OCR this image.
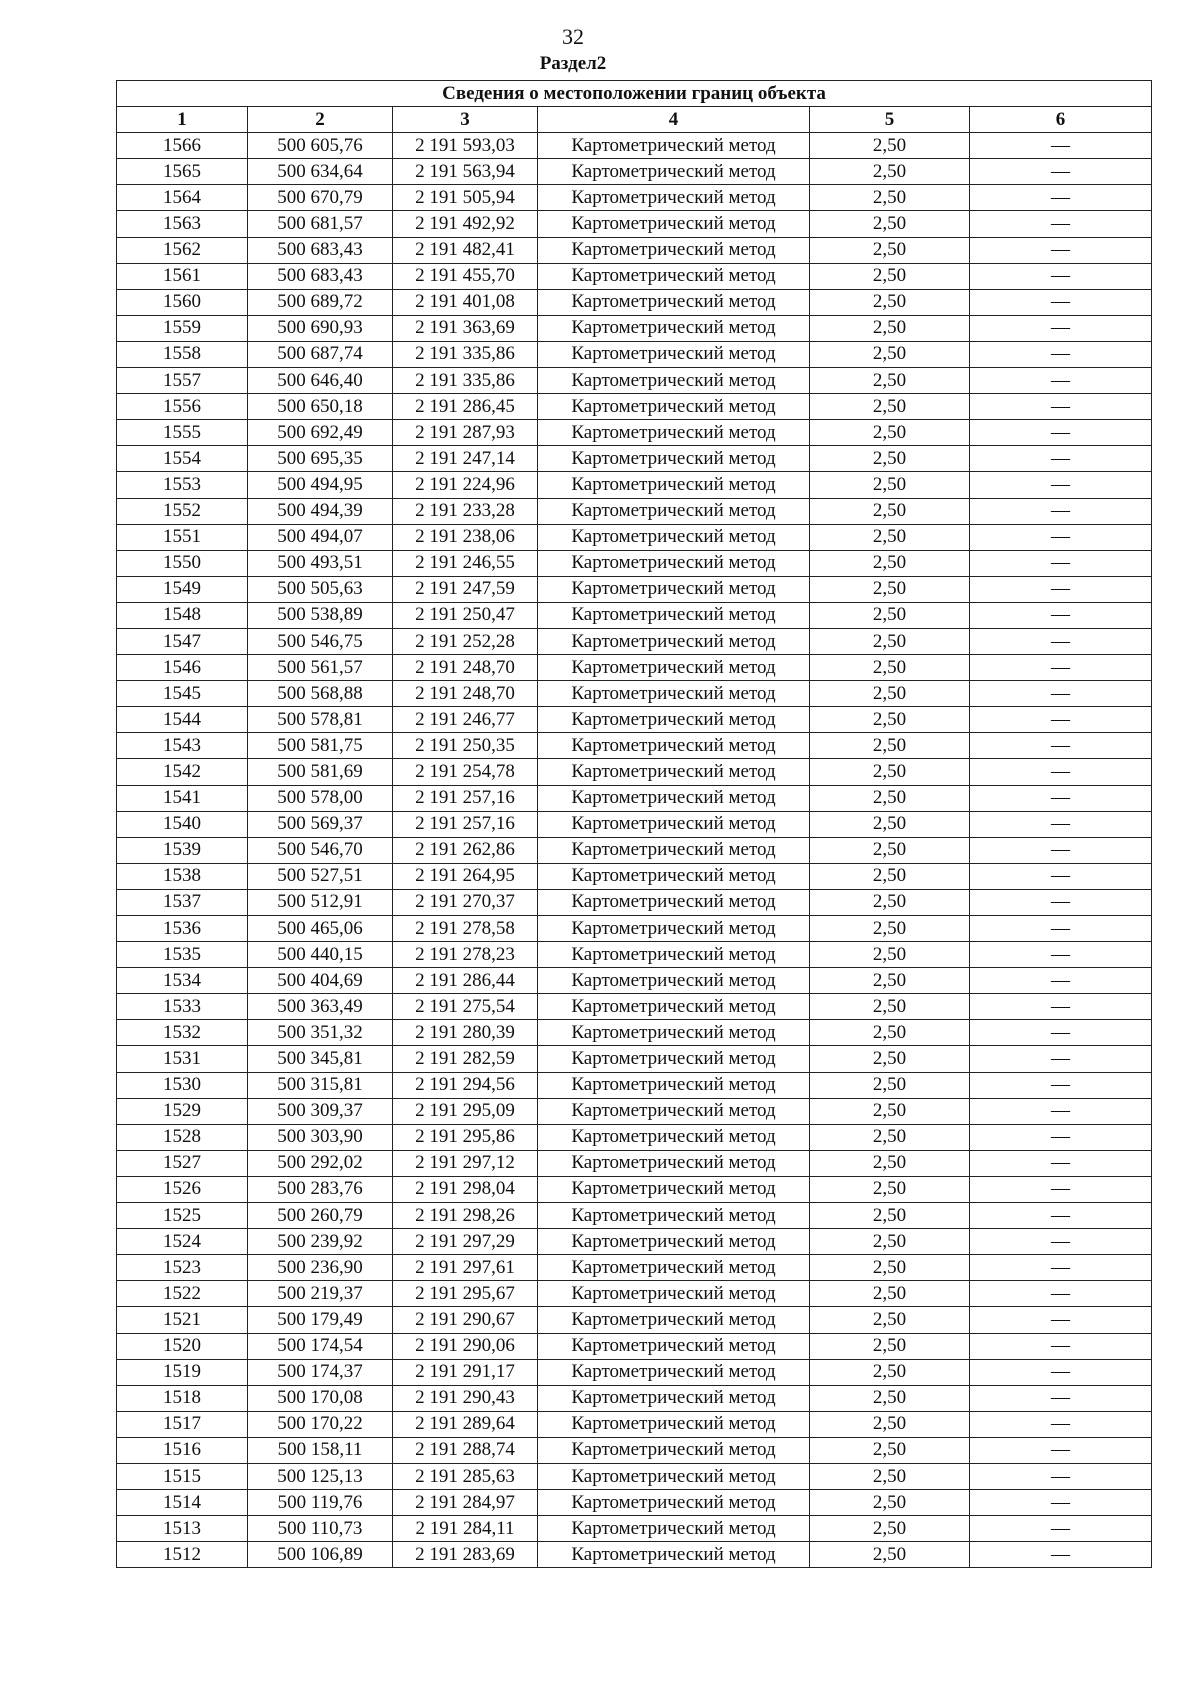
32
Раздел2
Сведения о местоположении границ объекта					
1	2	3	4	5	6
1566	500 605,76	2 191 593,03	Картометрический метод	2,50	—
1565	500 634,64	2 191 563,94	Картометрический метод	2,50	—
1564	500 670,79	2 191 505,94	Картометрический метод	2,50	—
1563	500 681,57	2 191 492,92	Картометрический метод	2,50	—
1562	500 683,43	2 191 482,41	Картометрический метод	2,50	—
1561	500 683,43	2 191 455,70	Картометрический метод	2,50	—
1560	500 689,72	2 191 401,08	Картометрический метод	2,50	—
1559	500 690,93	2 191 363,69	Картометрический метод	2,50	—
1558	500 687,74	2 191 335,86	Картометрический метод	2,50	—
1557	500 646,40	2 191 335,86	Картометрический метод	2,50	—
1556	500 650,18	2 191 286,45	Картометрический метод	2,50	—
1555	500 692,49	2 191 287,93	Картометрический метод	2,50	—
1554	500 695,35	2 191 247,14	Картометрический метод	2,50	—
1553	500 494,95	2 191 224,96	Картометрический метод	2,50	—
1552	500 494,39	2 191 233,28	Картометрический метод	2,50	—
1551	500 494,07	2 191 238,06	Картометрический метод	2,50	—
1550	500 493,51	2 191 246,55	Картометрический метод	2,50	—
1549	500 505,63	2 191 247,59	Картометрический метод	2,50	—
1548	500 538,89	2 191 250,47	Картометрический метод	2,50	—
1547	500 546,75	2 191 252,28	Картометрический метод	2,50	—
1546	500 561,57	2 191 248,70	Картометрический метод	2,50	—
1545	500 568,88	2 191 248,70	Картометрический метод	2,50	—
1544	500 578,81	2 191 246,77	Картометрический метод	2,50	—
1543	500 581,75	2 191 250,35	Картометрический метод	2,50	—
1542	500 581,69	2 191 254,78	Картометрический метод	2,50	—
1541	500 578,00	2 191 257,16	Картометрический метод	2,50	—
1540	500 569,37	2 191 257,16	Картометрический метод	2,50	—
1539	500 546,70	2 191 262,86	Картометрический метод	2,50	—
1538	500 527,51	2 191 264,95	Картометрический метод	2,50	—
1537	500 512,91	2 191 270,37	Картометрический метод	2,50	—
1536	500 465,06	2 191 278,58	Картометрический метод	2,50	—
1535	500 440,15	2 191 278,23	Картометрический метод	2,50	—
1534	500 404,69	2 191 286,44	Картометрический метод	2,50	—
1533	500 363,49	2 191 275,54	Картометрический метод	2,50	—
1532	500 351,32	2 191 280,39	Картометрический метод	2,50	—
1531	500 345,81	2 191 282,59	Картометрический метод	2,50	—
1530	500 315,81	2 191 294,56	Картометрический метод	2,50	—
1529	500 309,37	2 191 295,09	Картометрический метод	2,50	—
1528	500 303,90	2 191 295,86	Картометрический метод	2,50	—
1527	500 292,02	2 191 297,12	Картометрический метод	2,50	—
1526	500 283,76	2 191 298,04	Картометрический метод	2,50	—
1525	500 260,79	2 191 298,26	Картометрический метод	2,50	—
1524	500 239,92	2 191 297,29	Картометрический метод	2,50	—
1523	500 236,90	2 191 297,61	Картометрический метод	2,50	—
1522	500 219,37	2 191 295,67	Картометрический метод	2,50	—
1521	500 179,49	2 191 290,67	Картометрический метод	2,50	—
1520	500 174,54	2 191 290,06	Картометрический метод	2,50	—
1519	500 174,37	2 191 291,17	Картометрический метод	2,50	—
1518	500 170,08	2 191 290,43	Картометрический метод	2,50	—
1517	500 170,22	2 191 289,64	Картометрический метод	2,50	—
1516	500 158,11	2 191 288,74	Картометрический метод	2,50	—
1515	500 125,13	2 191 285,63	Картометрический метод	2,50	—
1514	500 119,76	2 191 284,97	Картометрический метод	2,50	—
1513	500 110,73	2 191 284,11	Картометрический метод	2,50	—
1512	500 106,89	2 191 283,69	Картометрический метод	2,50	—
